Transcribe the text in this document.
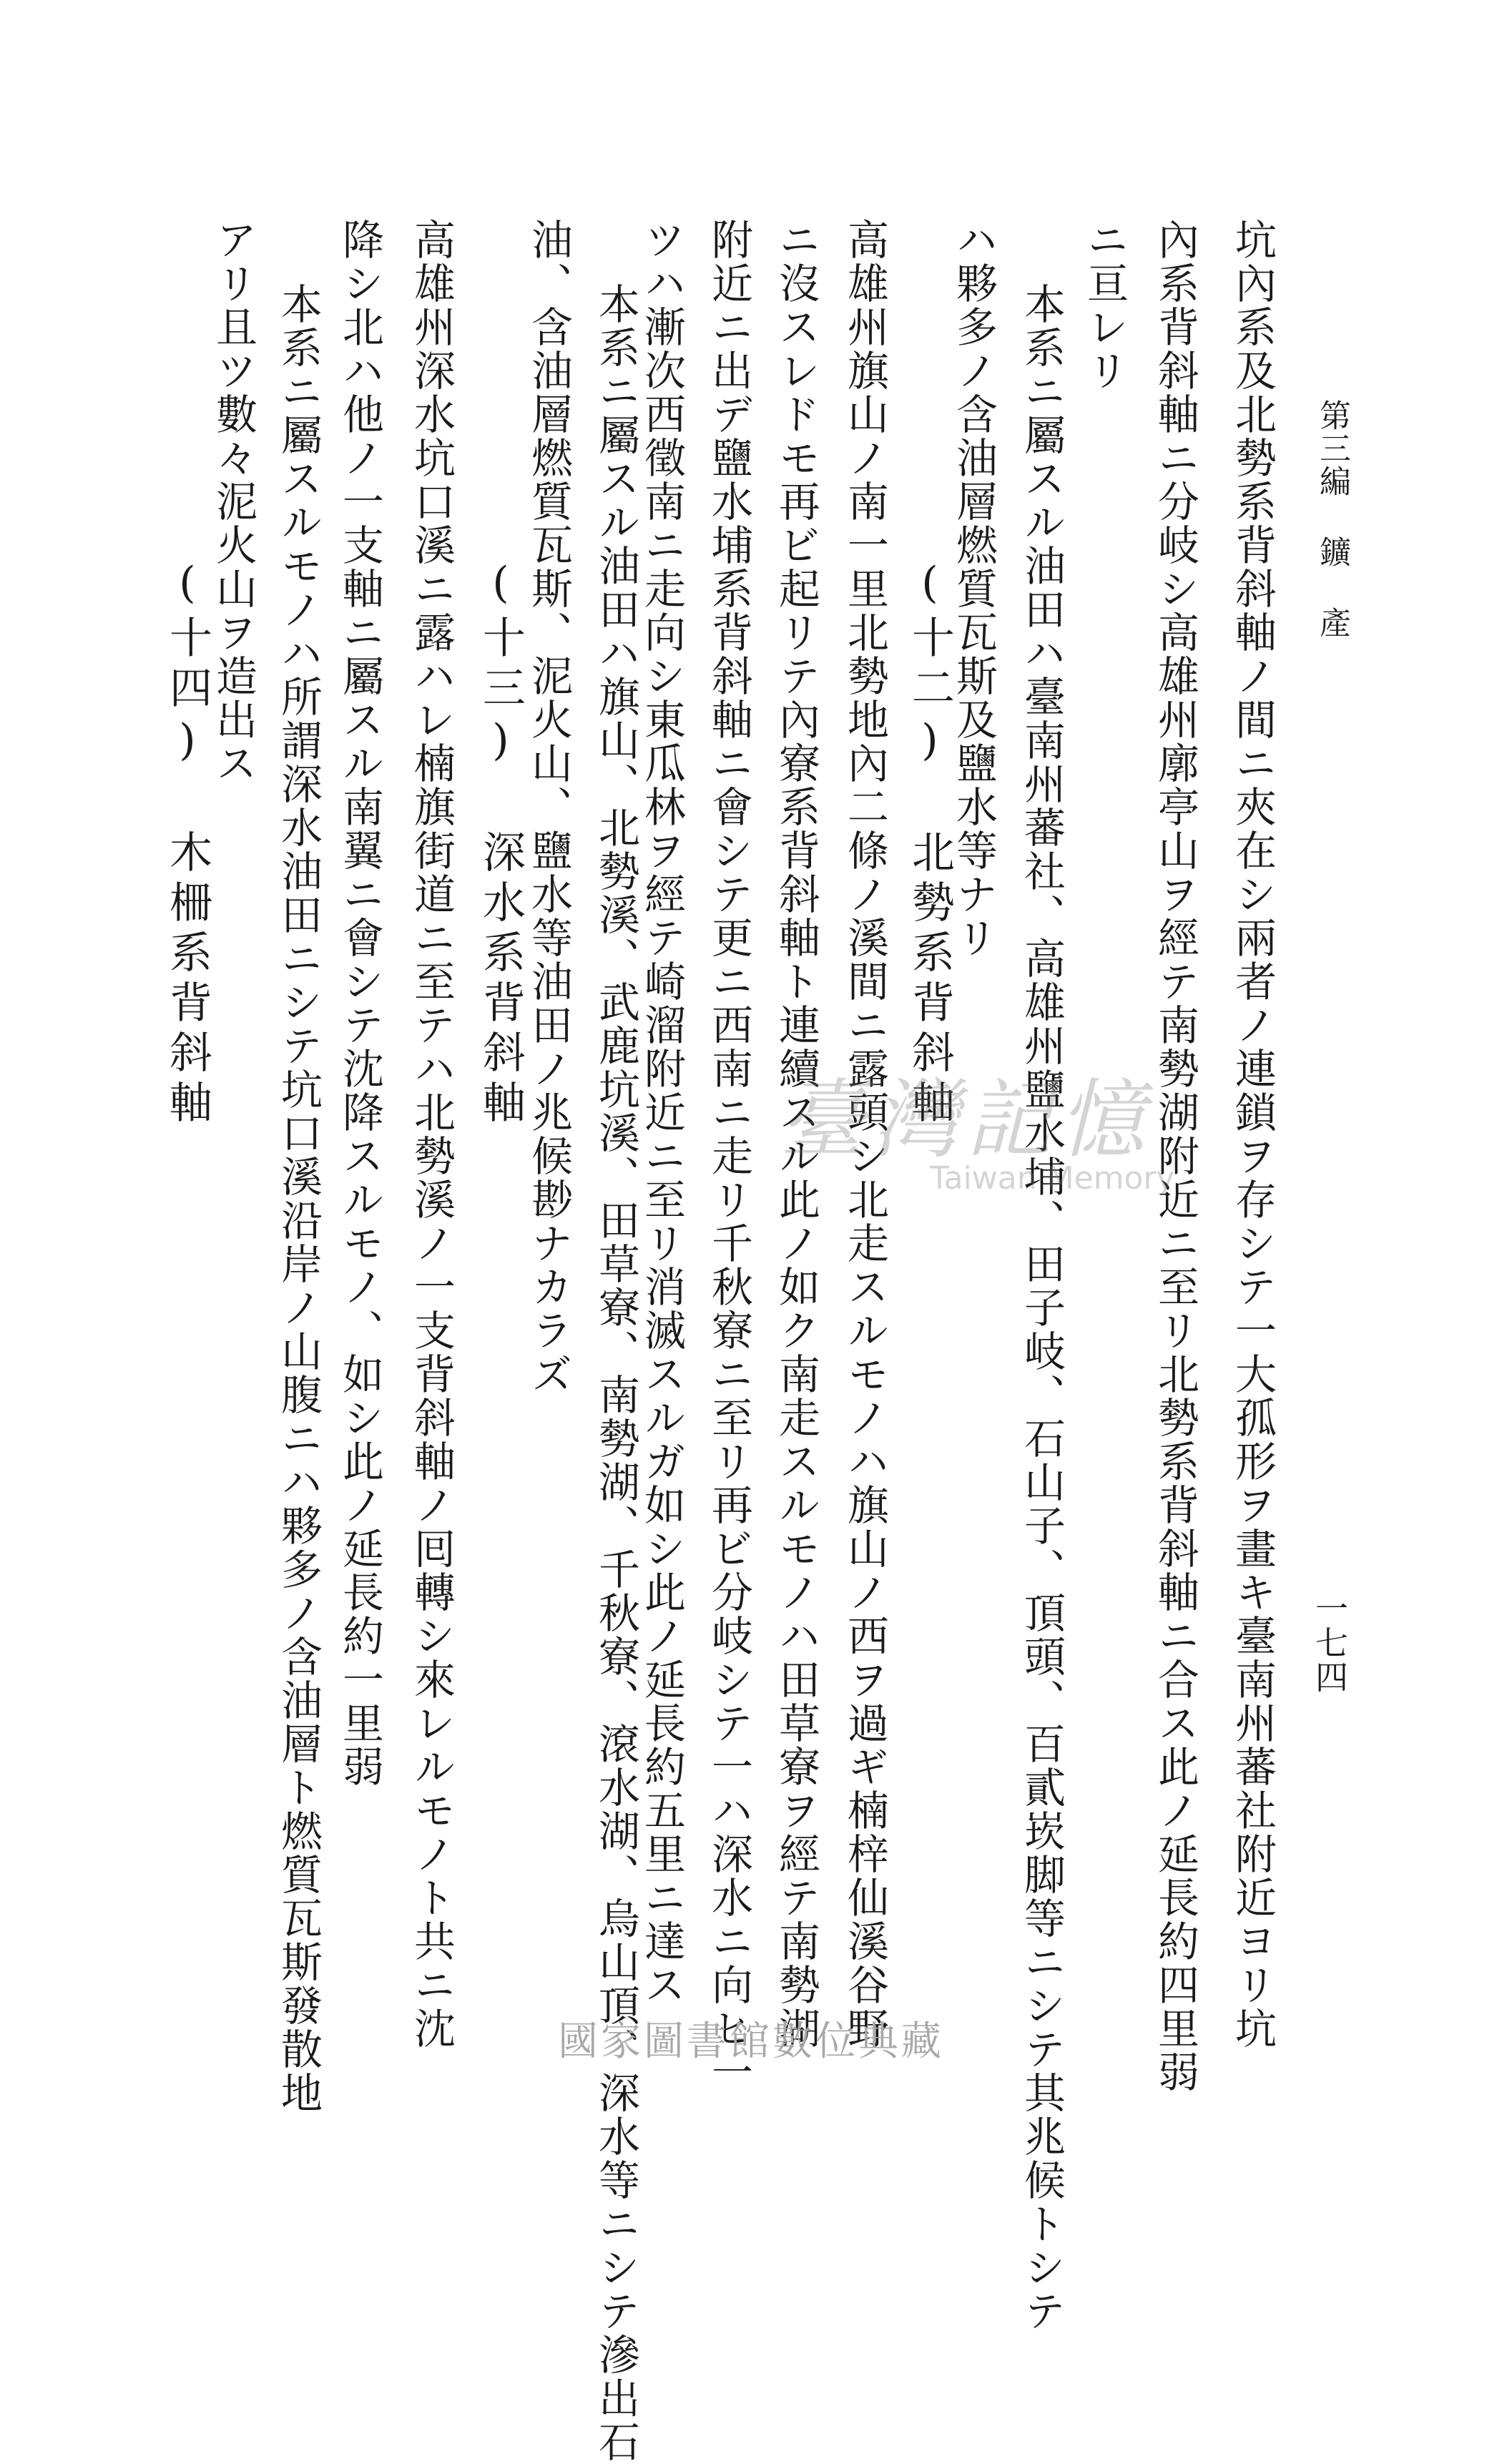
第三編 鑛 產
一七四
坑內系及北勢系背斜軸ノ間ニ夾在シ兩者ノ連鎖ヲ存シテ一大孤形ヲ畫キ臺南州蕃社附近ヨリ坑
內系背斜軸ニ分岐シ高雄州廓亭山ヲ經テ南勢湖附近ニ至リ北勢系背斜軸ニ合ス此ノ延長約四里弱
ニ亘レリ
本系ニ屬スル油田ハ臺南州蕃社、高雄州鹽水埔、田子岐、石山子、頂頭、百貳崁脚等ニシテ其兆候トシテ
ハ夥多ノ含油層燃質瓦斯及鹽水等ナリ
(十二) 北勢系背斜軸
高雄州旗山ノ南一里北勢地內二條ノ溪間ニ露頭シ北走スルモノハ旗山ノ西ヲ過ギ楠梓仙溪谷野
ニ沒スレドモ再ビ起リテ內寮系背斜軸ト連續スル此ノ如ク南走スルモノハ田草寮ヲ經テ南勢湖
附近ニ出デ鹽水埔系背斜軸ニ會シテ更ニ西南ニ走リ千秋寮ニ至リ再ビ分岐シテ一ハ深水ニ向ヒ一
ツハ漸次西徵南ニ走向シ東瓜林ヲ經テ崎溜附近ニ至リ消滅スルガ如シ此ノ延長約五里ニ達ス
本系ニ屬スル油田ハ旗山、北勢溪、武鹿坑溪、田草寮、南勢湖、千秋寮、滾水湖、烏山頂、深水等ニシテ滲出石
油、含油層燃質瓦斯、泥火山、鹽水等油田ノ兆候尠ナカラズ
(十三) 深水系背斜軸
高雄州深水坑口溪ニ露ハレ楠旗街道ニ至テハ北勢溪ノ一支背斜軸ノ囘轉シ來レルモノト共ニ沈
降シ北ハ他ノ一支軸ニ屬スル南翼ニ會シテ沈降スルモノ、如シ此ノ延長約一里弱
本系ニ屬スルモノハ所謂深水油田ニシテ坑口溪沿岸ノ山腹ニハ夥多ノ含油層ト燃質瓦斯發散地
アリ且ツ數々泥火山ヲ造出ス
(十四) 木柵系背斜軸	臺灣記憶
Taiwan Memory
國家圖書館數位典藏
